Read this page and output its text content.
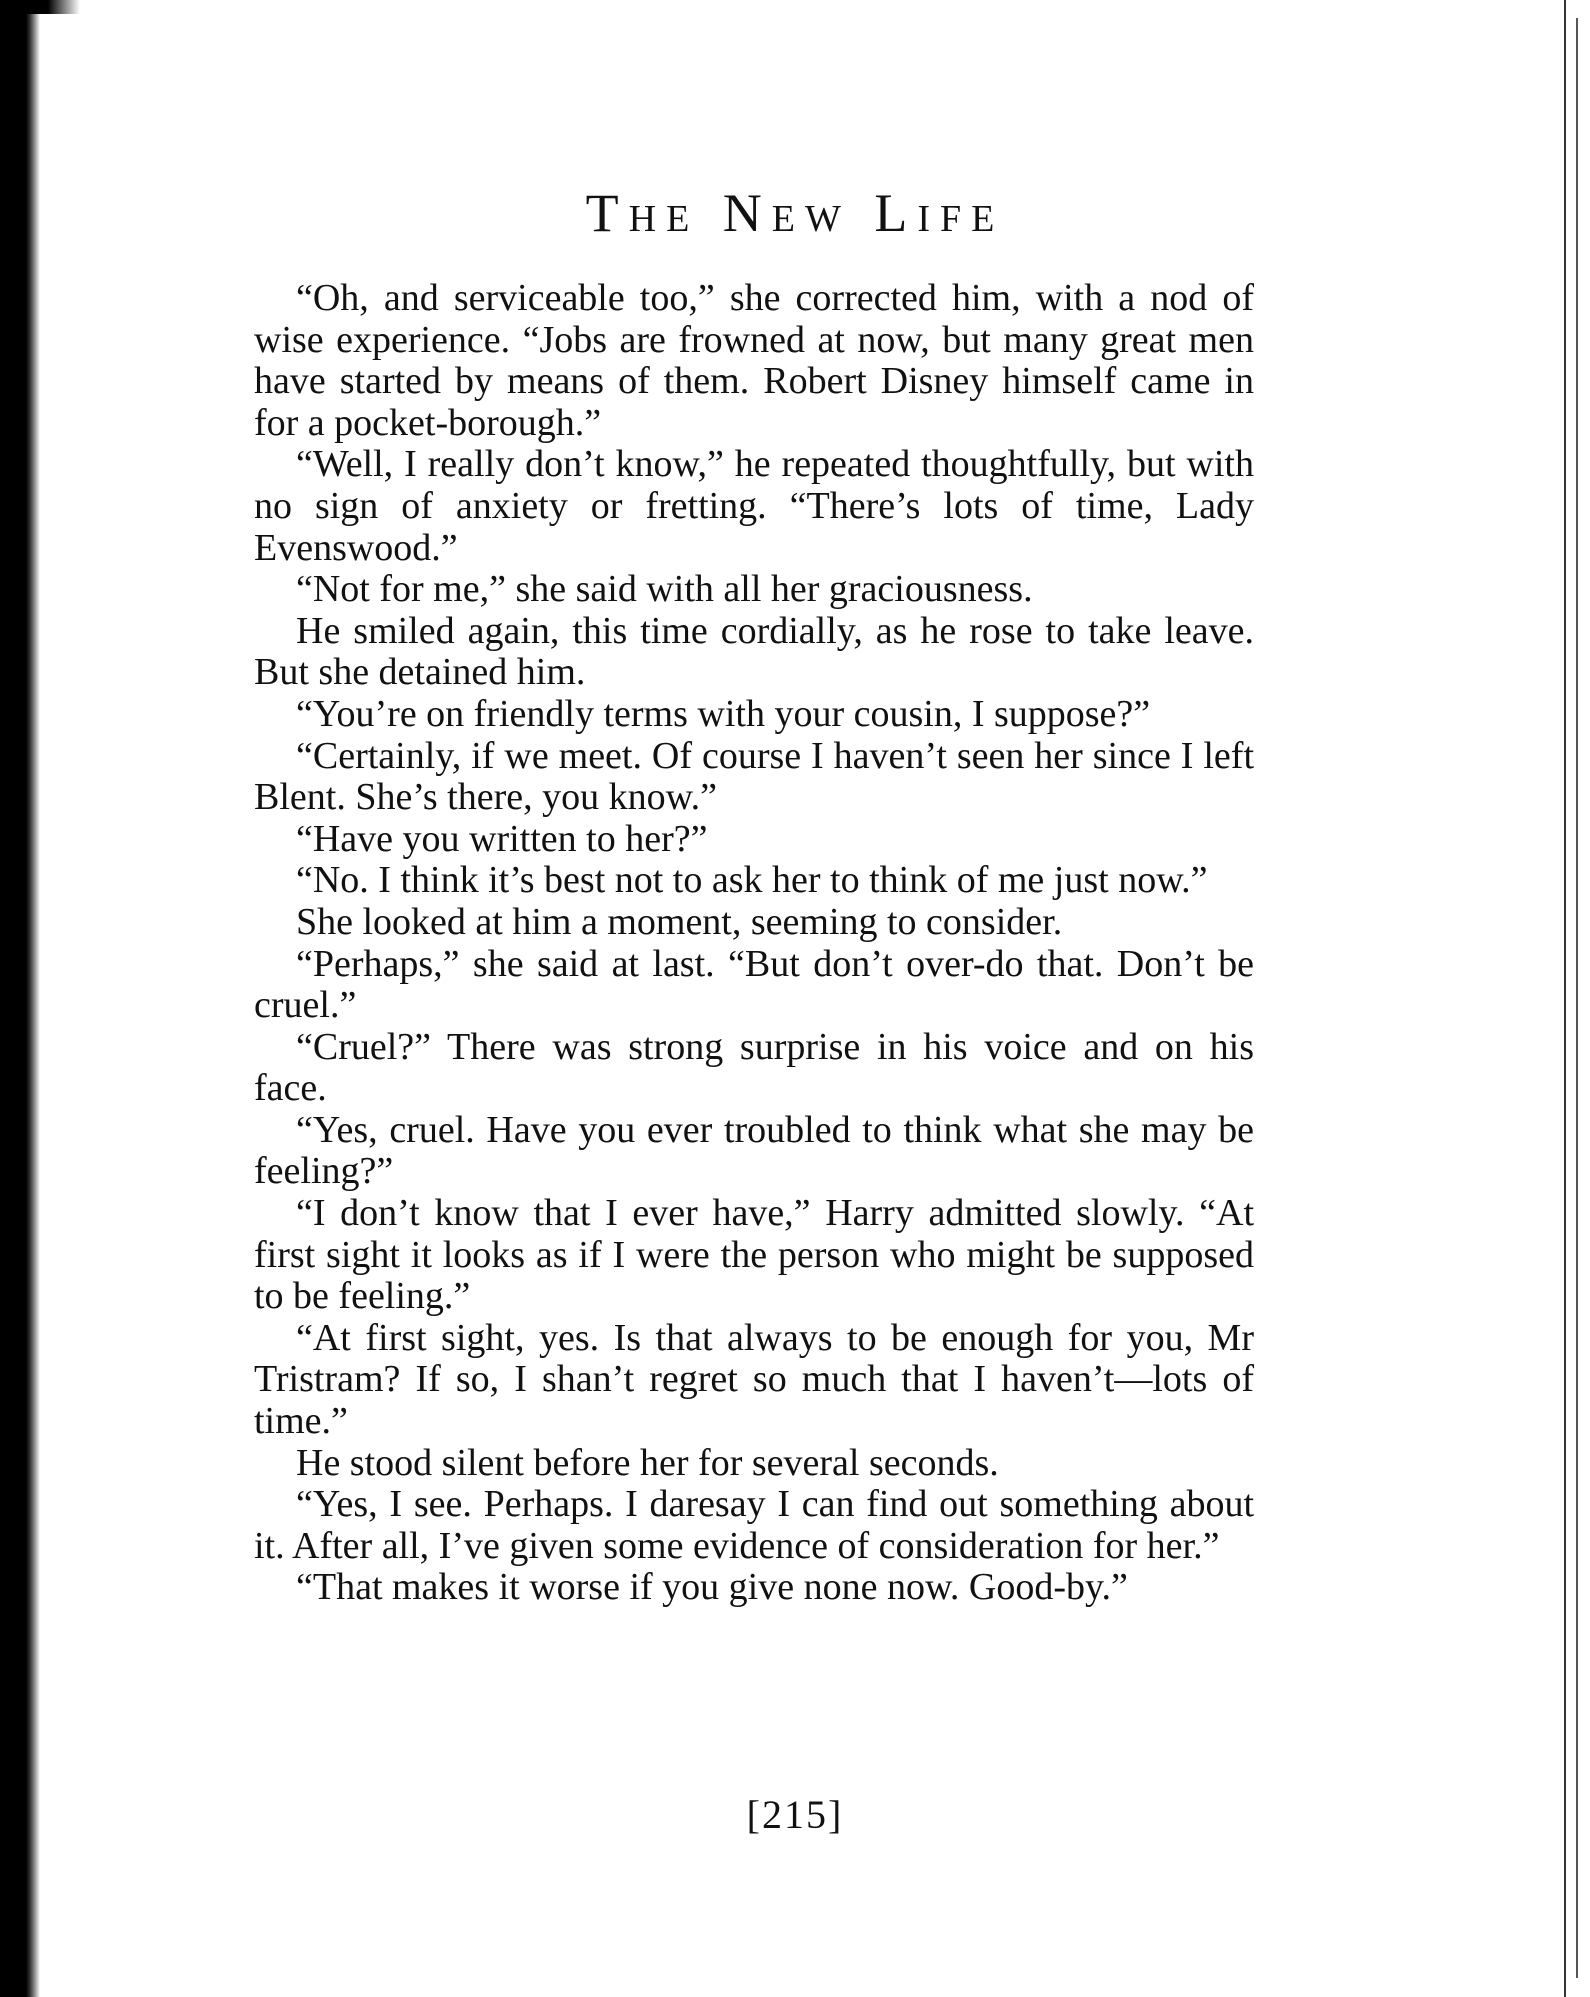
The New Life

“Oh, and serviceable too,” she corrected him, with a nod of wise experience. “Jobs are frowned at now, but many great men have started by means of them. Robert Disney himself came in for a pocket-borough.”

“Well, I really don’t know,” he repeated thoughtfully, but with no sign of anxiety or fretting. “There’s lots of time, Lady Evenswood.”

“Not for me,” she said with all her graciousness.

He smiled again, this time cordially, as he rose to take leave. But she detained him.

“You’re on friendly terms with your cousin, I suppose?”

“Certainly, if we meet. Of course I haven’t seen her since I left Blent. She’s there, you know.”

“Have you written to her?”

“No. I think it’s best not to ask her to think of me just now.”

She looked at him a moment, seeming to consider.

“Perhaps,” she said at last. “But don’t over-do that. Don’t be cruel.”

“Cruel?” There was strong surprise in his voice and on his face.

“Yes, cruel. Have you ever troubled to think what she may be feeling?”

“I don’t know that I ever have,” Harry admitted slowly. “At first sight it looks as if I were the person who might be supposed to be feeling.”

“At first sight, yes. Is that always to be enough for you, Mr Tristram? If so, I shan’t regret so much that I haven’t—lots of time.”

He stood silent before her for several seconds.

“Yes, I see. Perhaps. I daresay I can find out something about it. After all, I’ve given some evidence of consideration for her.”

“That makes it worse if you give none now. Good-by.”

[215]
